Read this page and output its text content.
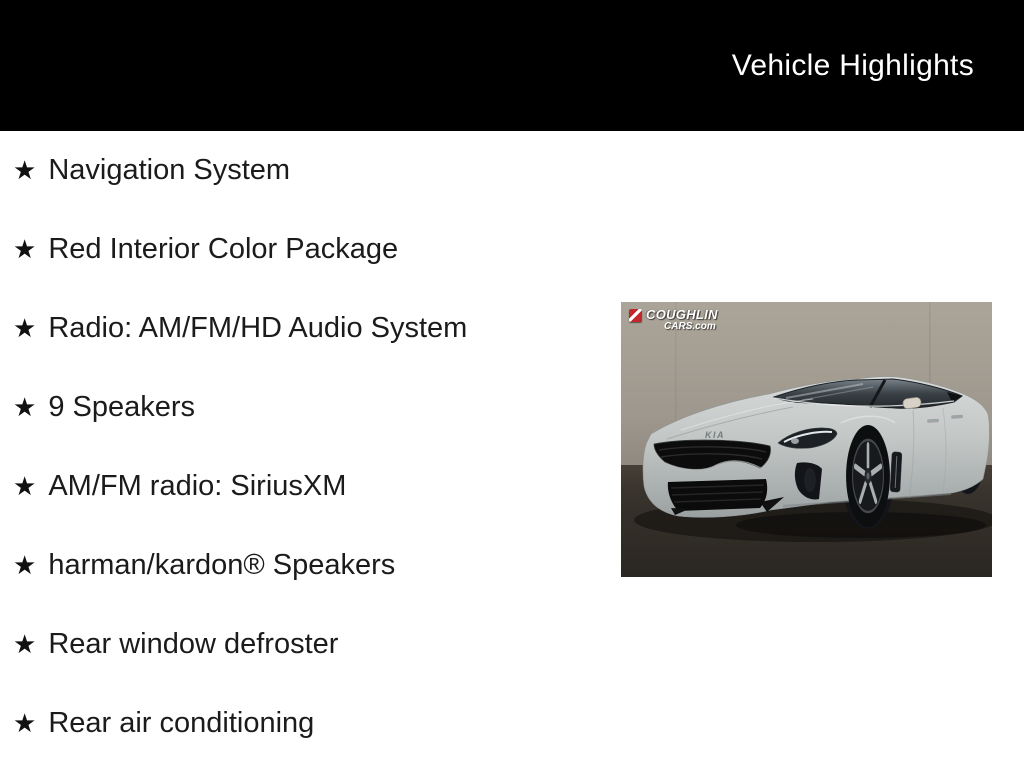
Vehicle Highlights
★ Navigation System
★ Red Interior Color Package
★ Radio: AM/FM/HD Audio System
★ 9 Speakers
★ AM/FM radio: SiriusXM
★ harman/kardon® Speakers
★ Rear window defroster
★ Rear air conditioning
KIA
COUGHLIN
CARS.com
